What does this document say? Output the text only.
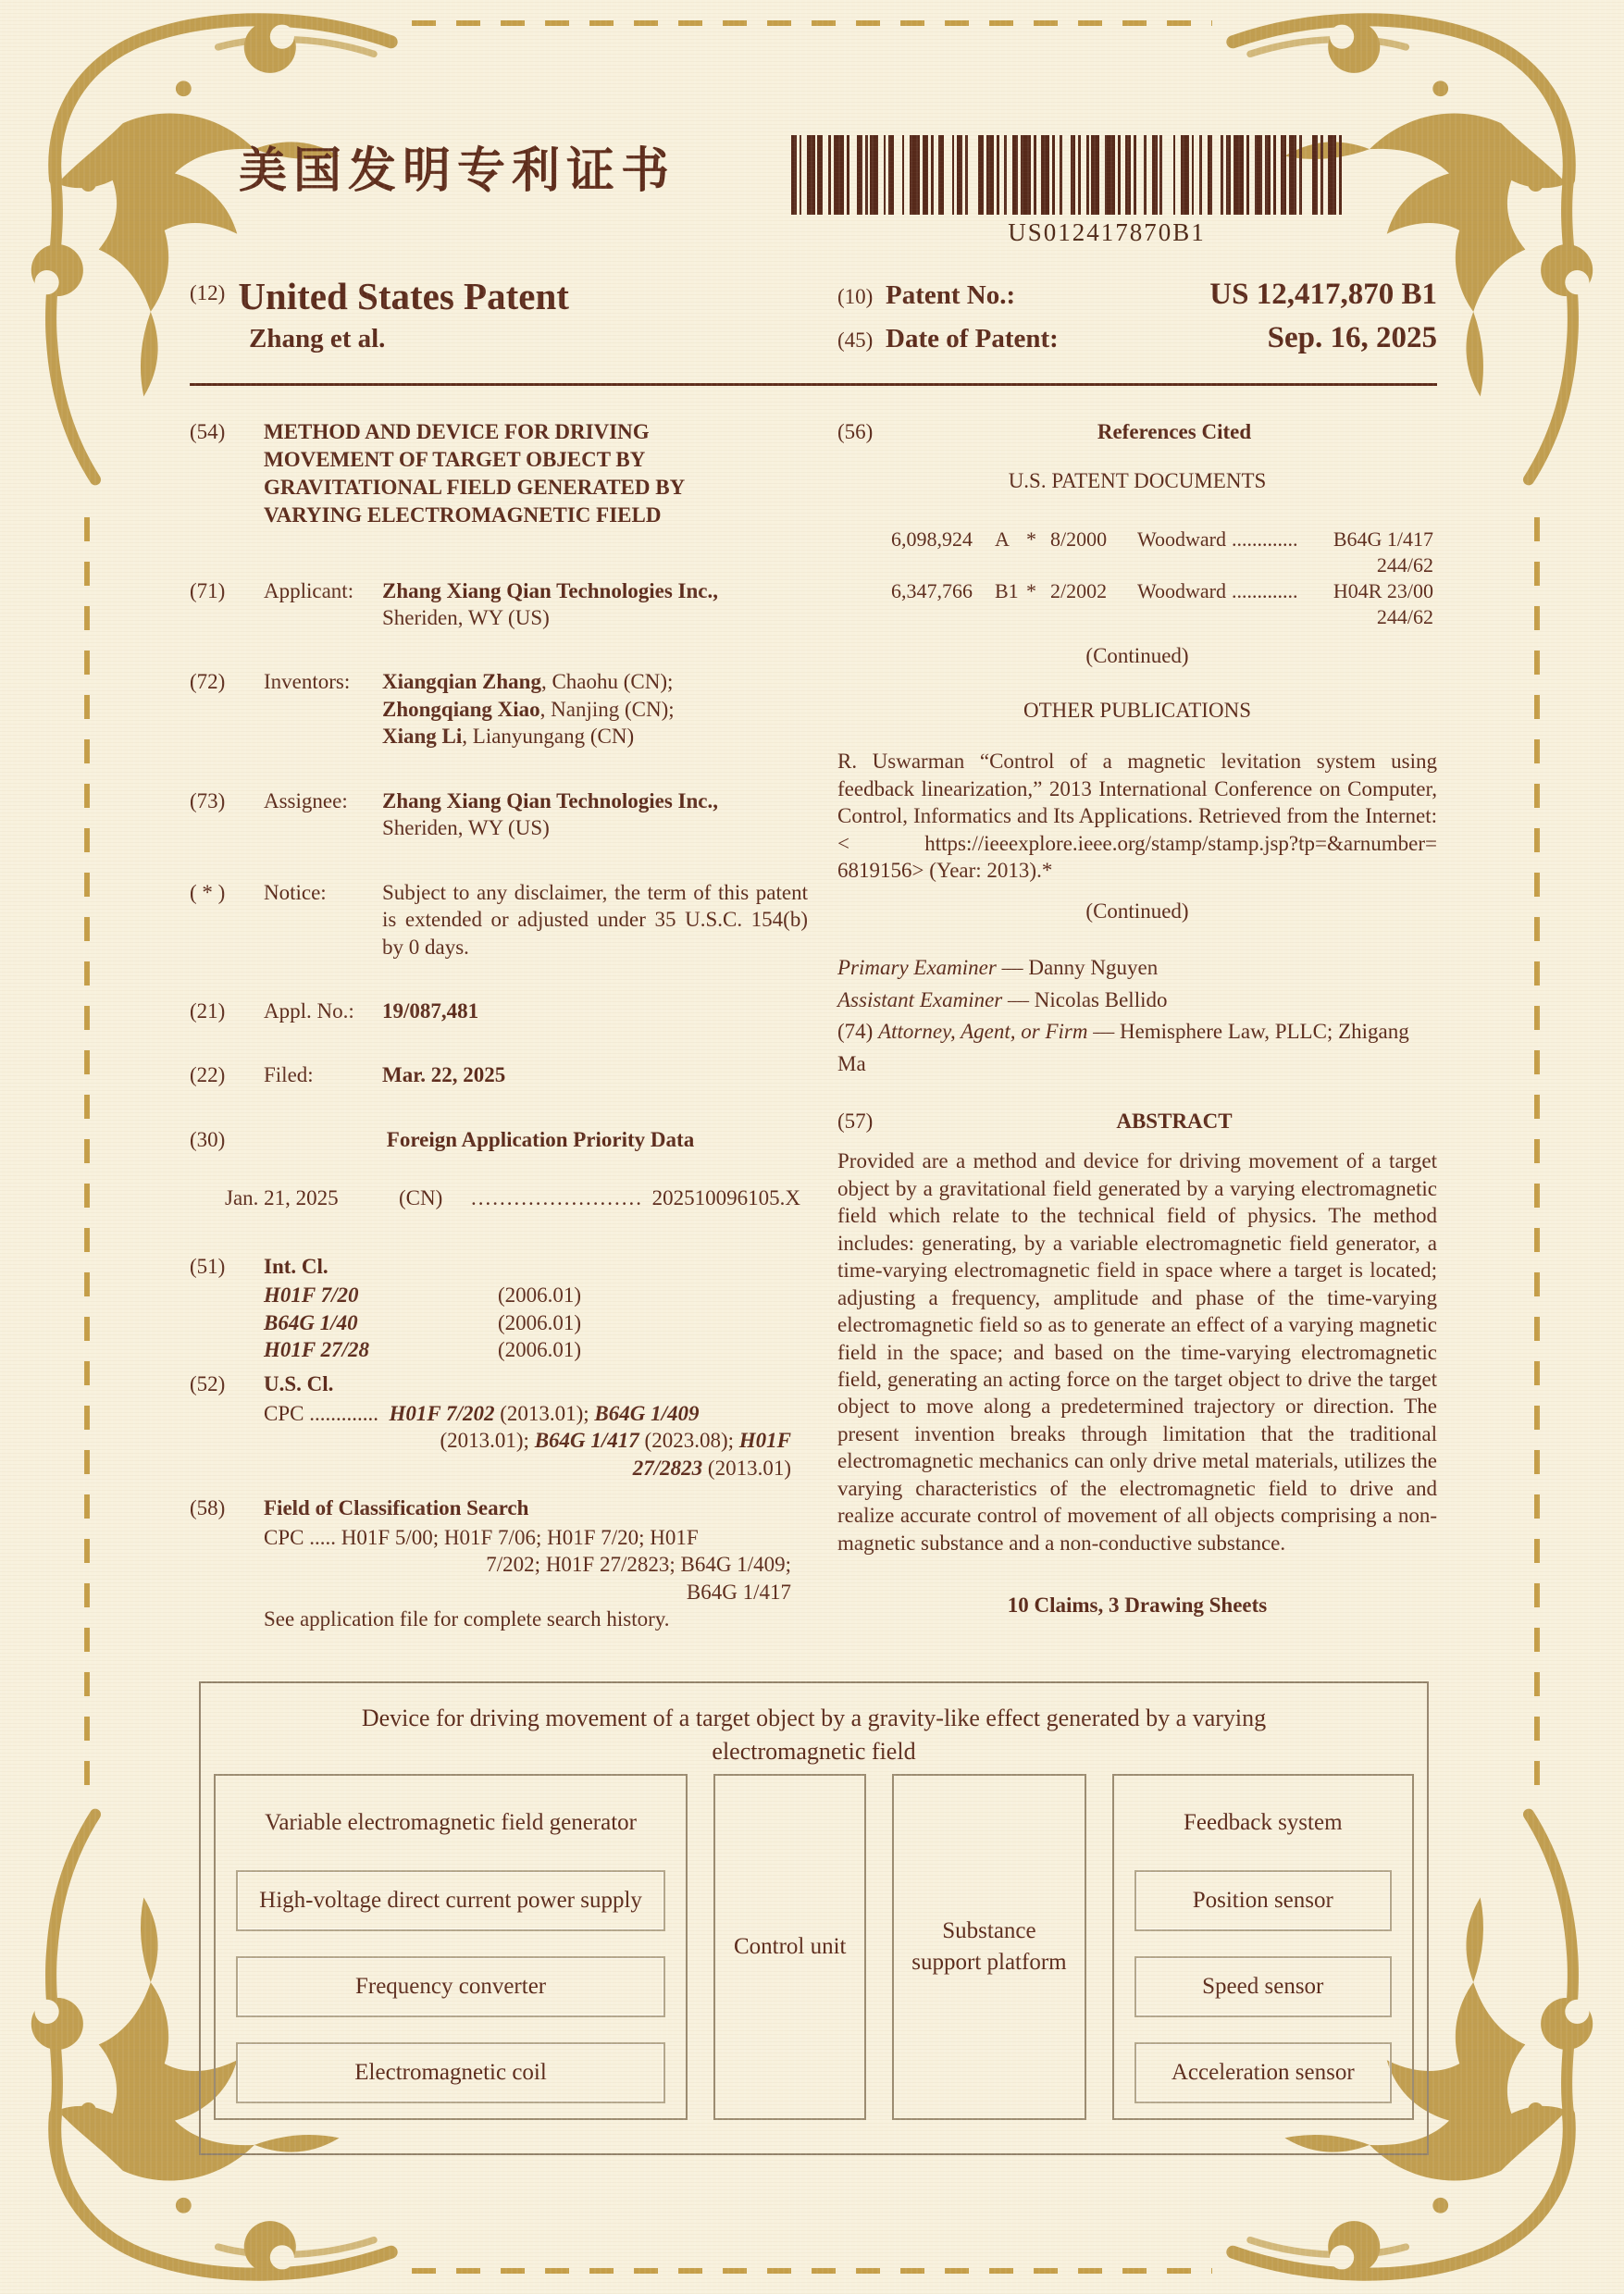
美国发明专利证书
US012417870B1
(12) United States Patent
Zhang et al.
(10) Patent No.:	US 12,417,870 B1
(45) Date of Patent:	Sep. 16, 2025
(54)	METHOD AND DEVICE FOR DRIVING MOVEMENT OF TARGET OBJECT BY GRAVITATIONAL FIELD GENERATED BY VARYING ELECTROMAGNETIC FIELD
(71)	Applicant:	Zhang Xiang Qian Technologies Inc.,
Sheriden, WY (US)
(72)	Inventors:	Xiangqian Zhang, Chaohu (CN);
Zhongqiang Xiao, Nanjing (CN);
Xiang Li, Lianyungang (CN)
(73)	Assignee:	Zhang Xiang Qian Technologies Inc.,
Sheriden, WY (US)
( * )	Notice:	Subject to any disclaimer, the term of this patent is extended or adjusted under 35 U.S.C. 154(b) by 0 days.
(21)	Appl. No.:	19/087,481
(22)	Filed:	Mar. 22, 2025
(30)	Foreign Application Priority Data
Jan. 21, 2025	(CN)	........................ 202510096105.X
(51)	Int. Cl.
H01F 7/20	(2006.01)
B64G 1/40	(2006.01)
H01F 27/28	(2006.01)
(52)	U.S. Cl.
CPC ............. H01F 7/202 (2013.01); B64G 1/409
(2013.01); B64G 1/417 (2023.08); H01F
27/2823 (2013.01)
(58)	Field of Classification Search
CPC ..... H01F 5/00; H01F 7/06; H01F 7/20; H01F
7/202; H01F 27/2823; B64G 1/409;
B64G 1/417
See application file for complete search history.
(56)	References Cited
U.S. PATENT DOCUMENTS
6,098,924	A * 8/2000	Woodward .............	B64G 1/417
244/62
6,347,766	B1 * 2/2002	Woodward .............	H04R 23/00
244/62
(Continued)
OTHER PUBLICATIONS
R. Uswarman “Control of a magnetic levitation system using feedback linearization,” 2013 International Conference on Computer, Control, Informatics and Its Applications. Retrieved from the Internet: < https://ieeexplore.ieee.org/stamp/stamp.jsp?tp=&arnumber= 6819156> (Year: 2013).*
(Continued)
Primary Examiner — Danny Nguyen
Assistant Examiner — Nicolas Bellido
(74) Attorney, Agent, or Firm — Hemisphere Law, PLLC; Zhigang Ma
(57)	ABSTRACT
Provided are a method and device for driving movement of a target object by a gravitational field generated by a varying electromagnetic field which relate to the technical field of physics. The method includes: generating, by a variable electromagnetic field generator, a time-varying electromagnetic field in space where a target is located; adjusting a frequency, amplitude and phase of the time-varying electromagnetic field so as to generate an effect of a varying magnetic field in the space; and based on the time-varying electromagnetic field, generating an acting force on the target object to drive the target object to move along a predetermined trajectory or direction. The present invention breaks through limitation that the traditional electromagnetic mechanics can only drive metal materials, utilizes the varying characteristics of the electromagnetic field to drive and realize accurate control of movement of all objects comprising a non-magnetic substance and a non-conductive substance.
10 Claims, 3 Drawing Sheets
Device for driving movement of a target object by a gravity-like effect generated by a varying electromagnetic field
Variable electromagnetic field generator
High-voltage direct current power supply
Frequency converter
Electromagnetic coil
Control unit
Substance support platform
Feedback system
Position sensor
Speed sensor
Acceleration sensor
